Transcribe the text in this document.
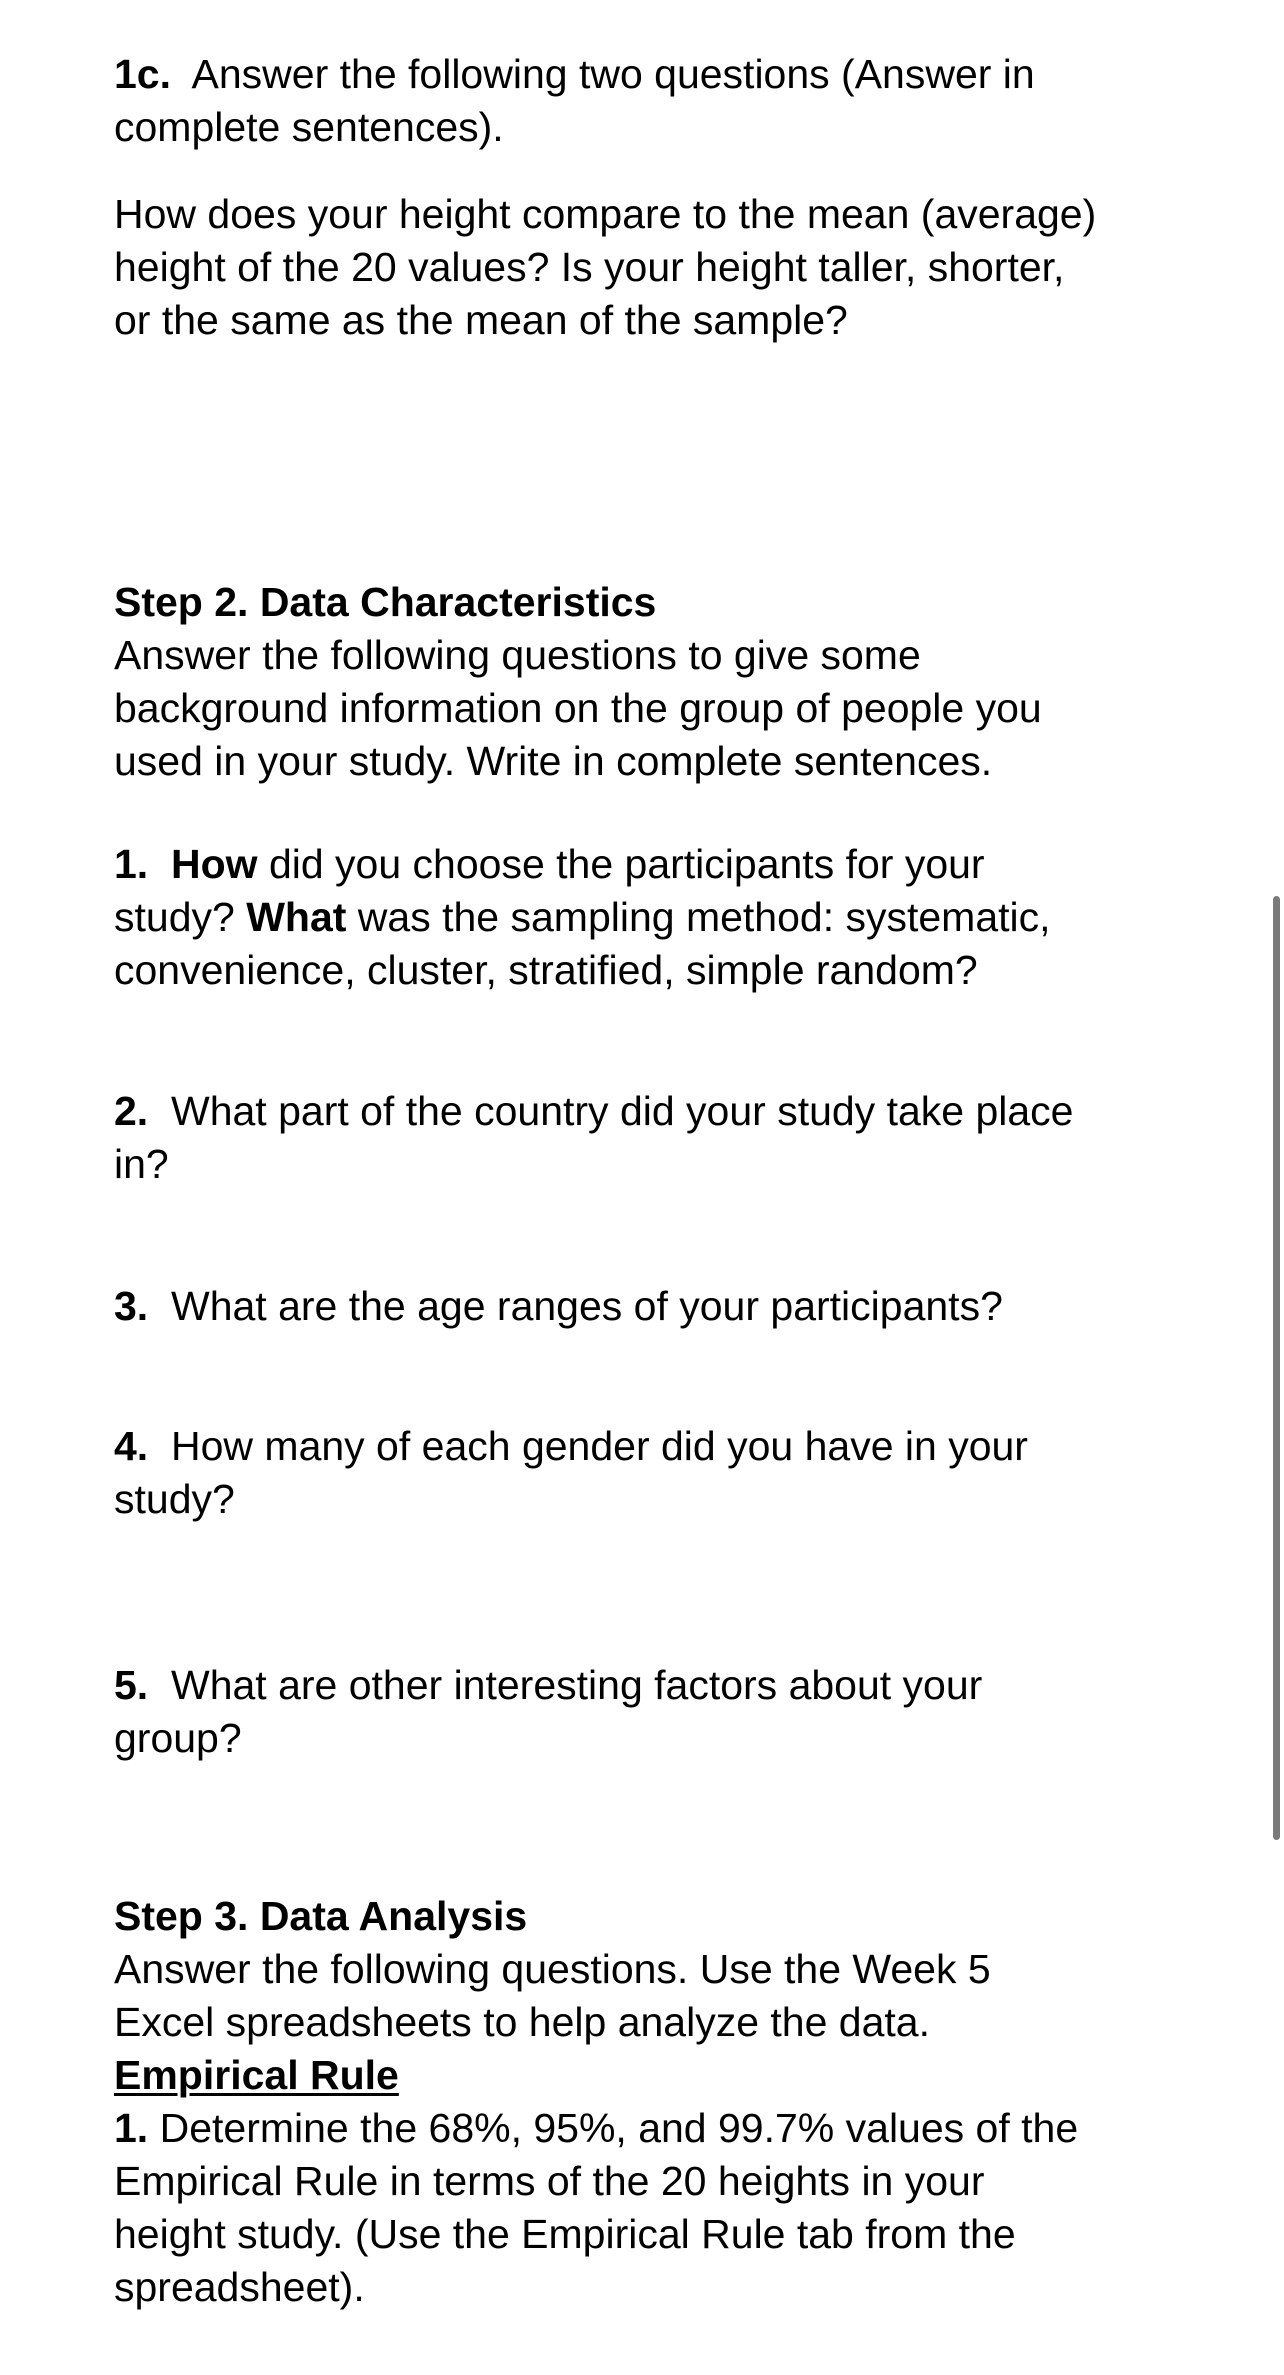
1c. Answer the following two questions (Answer in
complete sentences).
How does your height compare to the mean (average)
height of the 20 values? Is your height taller, shorter,
or the same as the mean of the sample?
Step 2. Data Characteristics
Answer the following questions to give some
background information on the group of people you
used in your study. Write in complete sentences.
1. How did you choose the participants for your
study? What was the sampling method: systematic,
convenience, cluster, stratified, simple random?
2. What part of the country did your study take place
in?
3. What are the age ranges of your participants?
4. How many of each gender did you have in your
study?
5. What are other interesting factors about your
group?
Step 3. Data Analysis
Answer the following questions. Use the Week 5
Excel spreadsheets to help analyze the data.
Empirical Rule
1. Determine the 68%, 95%, and 99.7% values of the
Empirical Rule in terms of the 20 heights in your
height study. (Use the Empirical Rule tab from the
spreadsheet).
